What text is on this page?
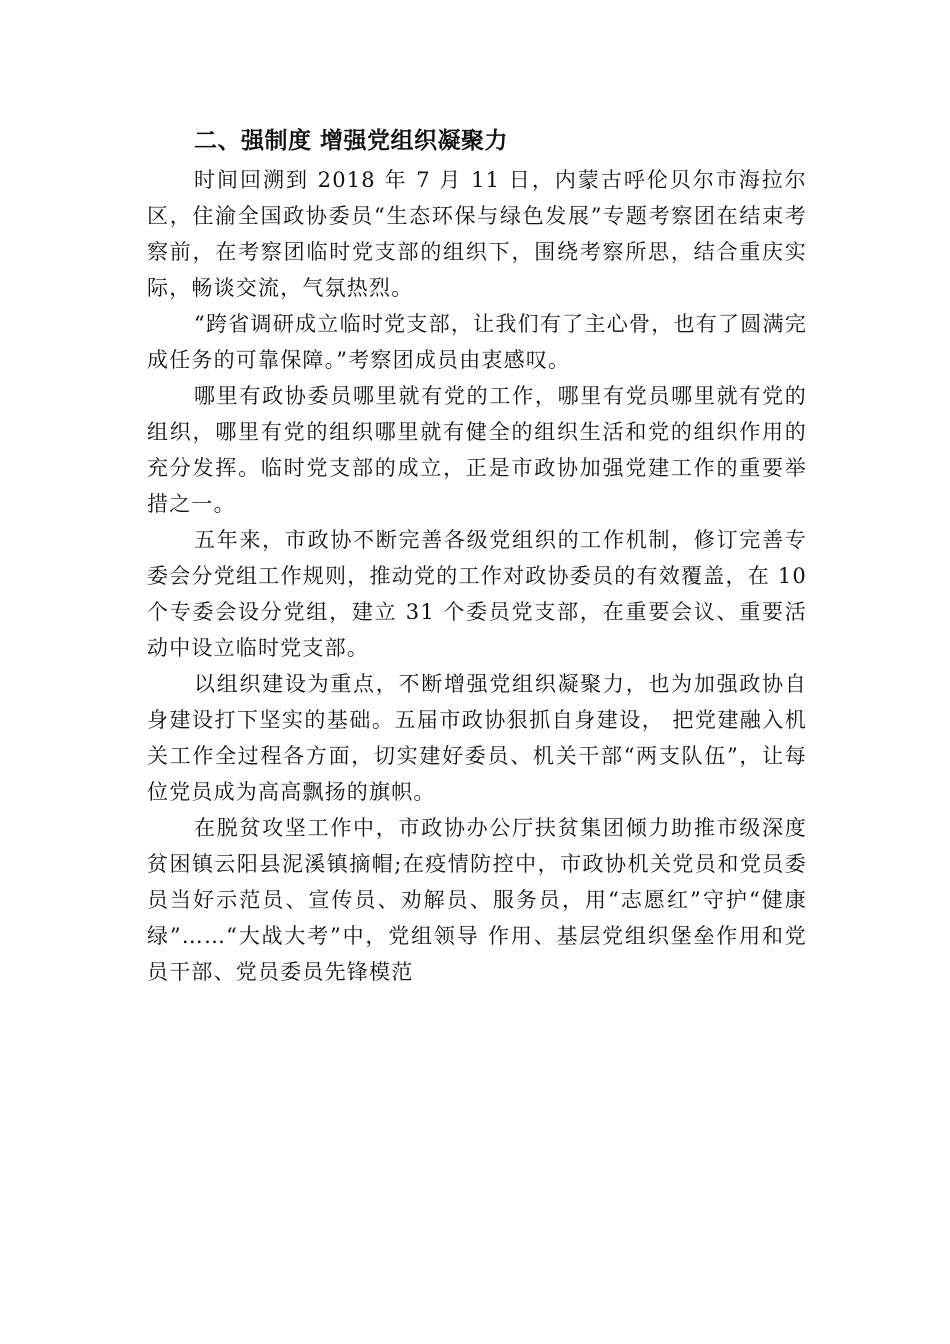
二、强制度 增强党组织凝聚力

时间回溯到 2018 年 7 月 11 日，内蒙古呼伦贝尔市海拉尔区，住渝全国政协委员“生态环保与绿色发展”专题考察团在结束考察前，在考察团临时党支部的组织下，围绕考察所思，结合重庆实际，畅谈交流，气氛热烈。

“跨省调研成立临时党支部，让我们有了主心骨，也有了圆满完成任务的可靠保障。”考察团成员由衷感叹。

哪里有政协委员哪里就有党的工作，哪里有党员哪里就有党的组织，哪里有党的组织哪里就有健全的组织生活和党的组织作用的充分发挥。临时党支部的成立，正是市政协加强党建工作的重要举措之一。

五年来，市政协不断完善各级党组织的工作机制，修订完善专委会分党组工作规则，推动党的工作对政协委员的有效覆盖，在 10 个专委会设分党组，建立 31 个委员党支部，在重要会议、重要活动中设立临时党支部。

以组织建设为重点，不断增强党组织凝聚力，也为加强政协自身建设打下坚实的基础。五届市政协狠抓自身建设， 把党建融入机关工作全过程各方面，切实建好委员、机关干部“两支队伍”，让每位党员成为高高飘扬的旗帜。

在脱贫攻坚工作中，市政协办公厅扶贫集团倾力助推市级深度贫困镇云阳县泥溪镇摘帽;在疫情防控中，市政协机关党员和党员委员当好示范员、宣传员、劝解员、服务员，用“志愿红”守护“健康绿”……“大战大考”中，党组领导 作用、基层党组织堡垒作用和党员干部、党员委员先锋模范
